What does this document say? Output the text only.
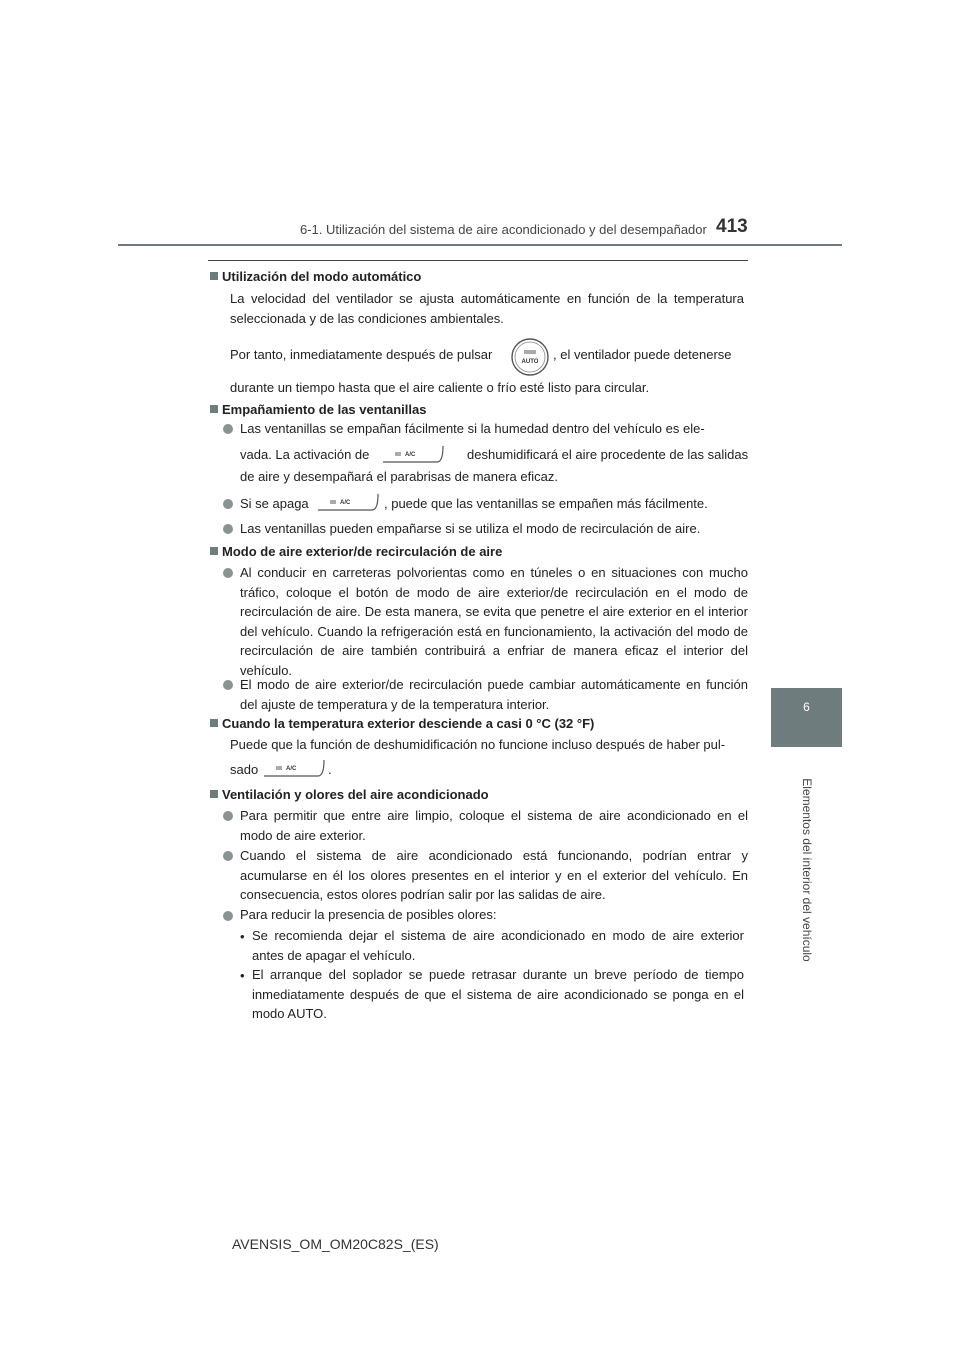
6-1. Utilización del sistema de aire acondicionado y del desempañador 413
6
Elementos del interior del vehículo
Utilización del modo automático
La velocidad del ventilador se ajusta automáticamente en función de la temperatura seleccionada y de las condiciones ambientales.
Por tanto, inmediatamente después de pulsar	AUTO , el ventilador puede detenerse
durante un tiempo hasta que el aire caliente o frío esté listo para circular.
Empañamiento de las ventanillas
Las ventanillas se empañan fácilmente si la humedad dentro del vehículo es ele-
vada. La activación de	A/C	deshumidificará el aire procedente de las salidas
de aire y desempañará el parabrisas de manera eficaz.
Si se apaga	A/C	, puede que las ventanillas se empañen más fácilmente.
Las ventanillas pueden empañarse si se utiliza el modo de recirculación de aire.
Modo de aire exterior/de recirculación de aire
Al conducir en carreteras polvorientas como en túneles o en situaciones con mucho tráfico, coloque el botón de modo de aire exterior/de recirculación en el modo de recirculación de aire. De esta manera, se evita que penetre el aire exterior en el interior del vehículo. Cuando la refrigeración está en funcionamiento, la activación del modo de recirculación de aire también contribuirá a enfriar de manera eficaz el interior del vehículo.
El modo de aire exterior/de recirculación puede cambiar automáticamente en función del ajuste de temperatura y de la temperatura interior.
Cuando la temperatura exterior desciende a casi 0 °C (32 °F)
Puede que la función de deshumidificación no funcione incluso después de haber pul-
sado	A/C .
Ventilación y olores del aire acondicionado
Para permitir que entre aire limpio, coloque el sistema de aire acondicionado en el modo de aire exterior.
Cuando el sistema de aire acondicionado está funcionando, podrían entrar y acumularse en él los olores presentes en el interior y en el exterior del vehículo. En consecuencia, estos olores podrían salir por las salidas de aire.
Para reducir la presencia de posibles olores:
• Se recomienda dejar el sistema de aire acondicionado en modo de aire exterior antes de apagar el vehículo.
• El arranque del soplador se puede retrasar durante un breve período de tiempo inmediatamente después de que el sistema de aire acondicionado se ponga en el modo AUTO.
AVENSIS_OM_OM20C82S_(ES)
